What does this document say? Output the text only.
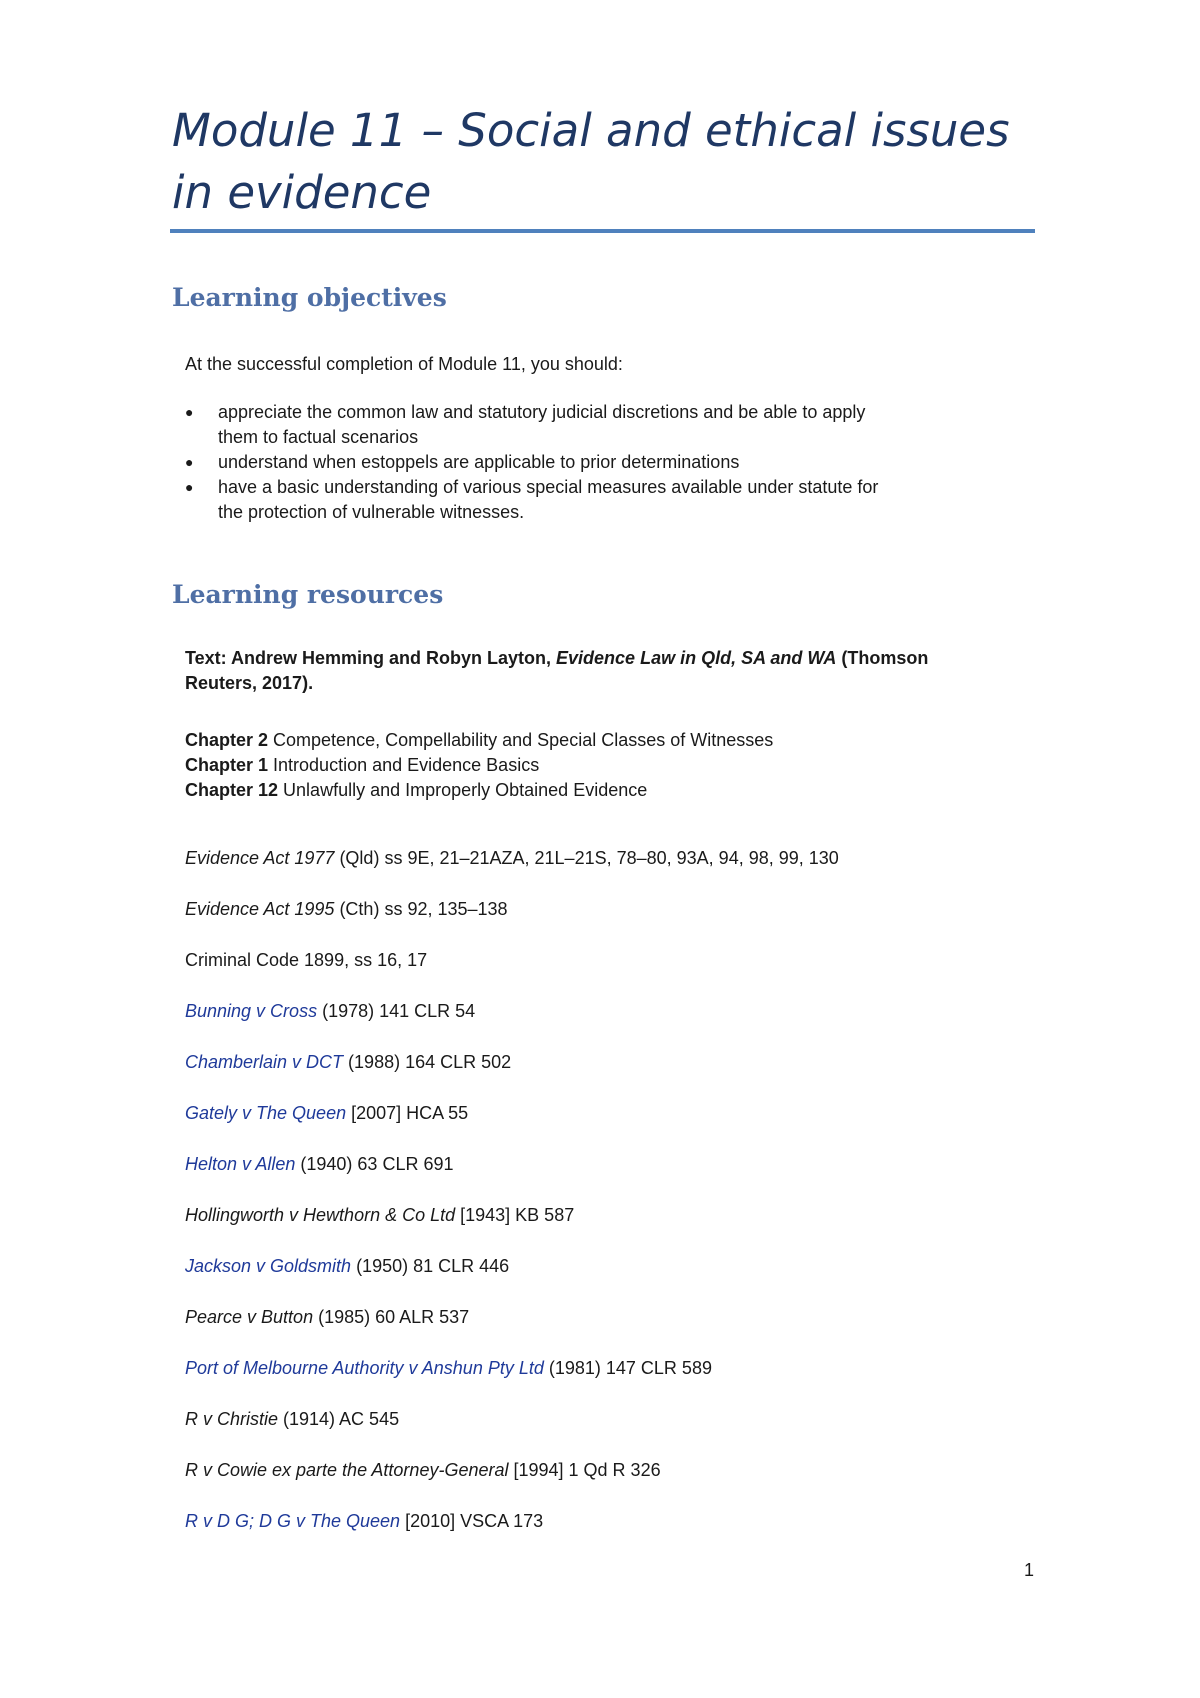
Module 11 – Social and ethical issues
in evidence
Learning objectives

At the successful completion of Module 11, you should:

● appreciate the common law and statutory judicial discretions and be able to apply
them to factual scenarios
● understand when estoppels are applicable to prior determinations
● have a basic understanding of various special measures available under statute for
the protection of vulnerable witnesses.
Learning resources
Text: Andrew Hemming and Robyn Layton, Evidence Law in Qld, SA and WA (Thomson
Reuters, 2017).
Chapter 2 Competence, Compellability and Special Classes of Witnesses
Chapter 1 Introduction and Evidence Basics
Chapter 12 Unlawfully and Improperly Obtained Evidence
Evidence Act 1977 (Qld) ss 9E, 21–21AZA, 21L–21S, 78–80, 93A, 94, 98, 99, 130
Evidence Act 1995 (Cth) ss 92, 135–138
Criminal Code 1899, ss 16, 17
Bunning v Cross (1978) 141 CLR 54
Chamberlain v DCT (1988) 164 CLR 502
Gately v The Queen [2007] HCA 55
Helton v Allen (1940) 63 CLR 691
Hollingworth v Hewthorn & Co Ltd [1943] KB 587
Jackson v Goldsmith (1950) 81 CLR 446
Pearce v Button (1985) 60 ALR 537
Port of Melbourne Authority v Anshun Pty Ltd (1981) 147 CLR 589
R v Christie (1914) AC 545
R v Cowie ex parte the Attorney-General [1994] 1 Qd R 326
R v D G; D G v The Queen [2010] VSCA 173
1
